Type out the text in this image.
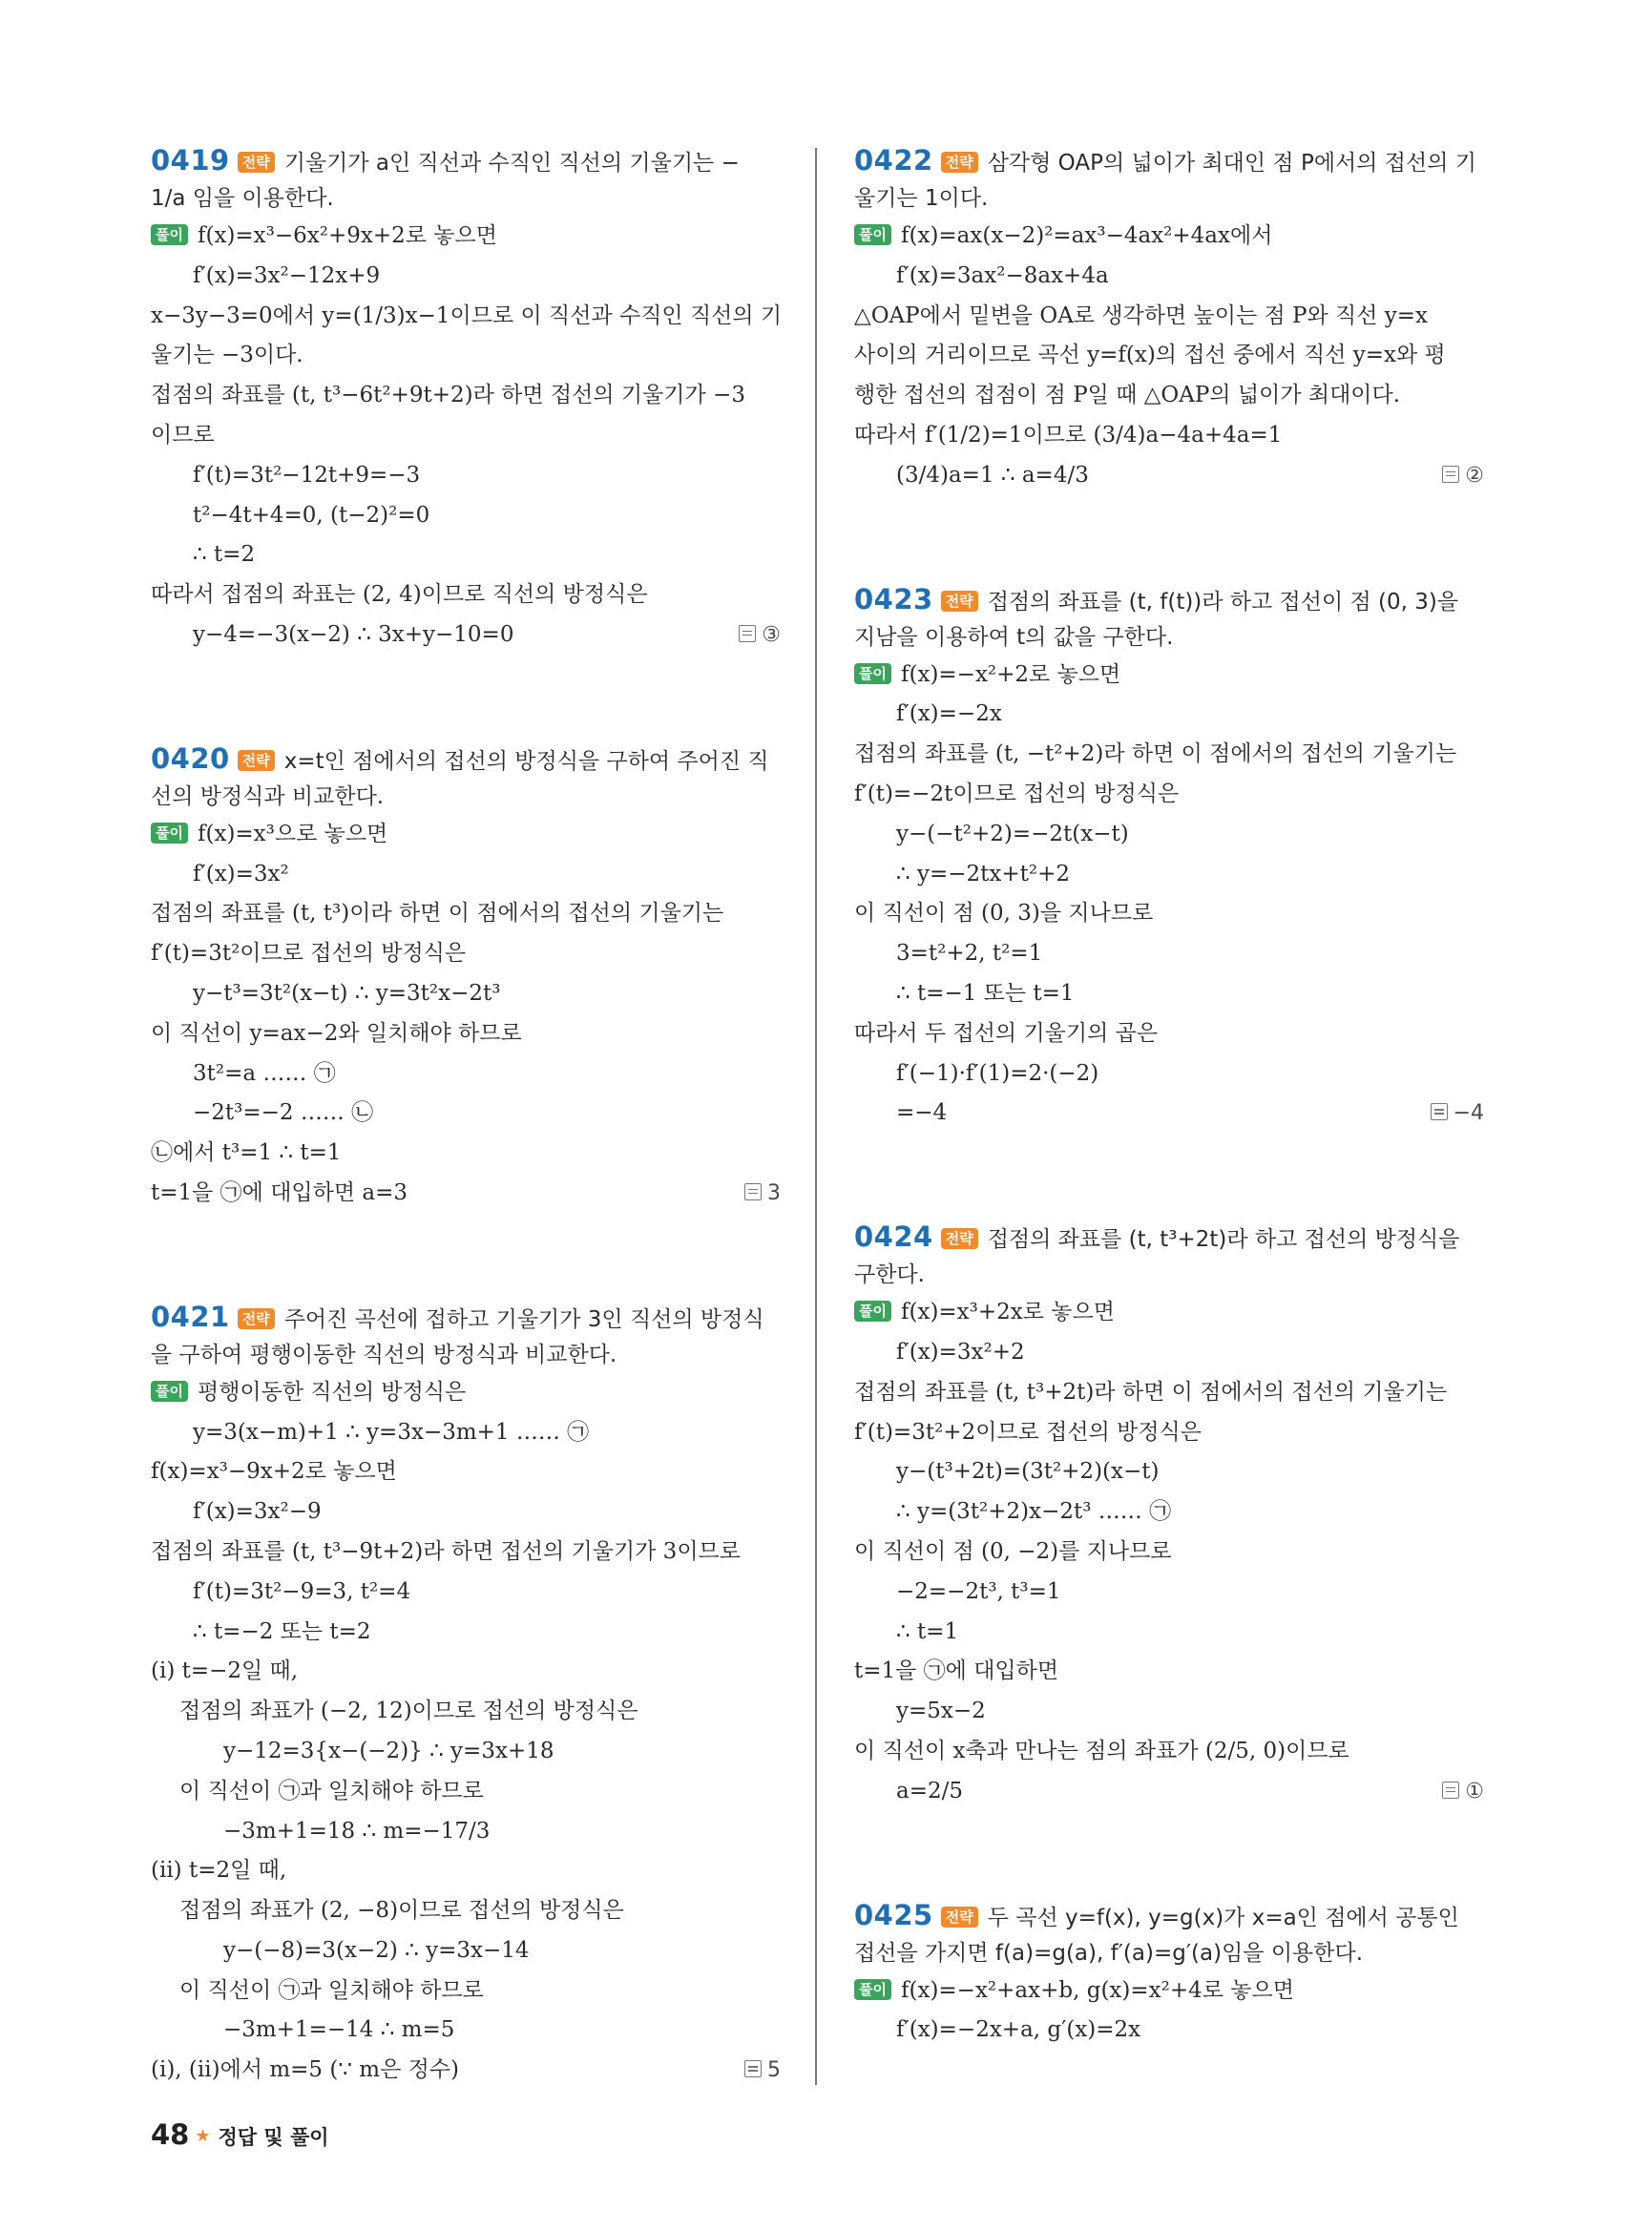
0419 전략 기울기가 a인 직선과 수직인 직선의 기울기는 − 1/a 임을 이용한다.
풀이 f(x)=x³−6x²+9x+2로 놓으면
f′(x)=3x²−12x+9
x−3y−3=0에서 y=(1/3)x−1이므로 이 직선과 수직인 직선의 기
울기는 −3이다.
접점의 좌표를 (t, t³−6t²+9t+2)라 하면 접선의 기울기가 −3
이므로
f′(t)=3t²−12t+9=−3
t²−4t+4=0, (t−2)²=0
∴ t=2
따라서 접점의 좌표는 (2, 4)이므로 직선의 방정식은
y−4=−3(x−2) ∴ 3x+y−10=0	③
0420 전략 x=t인 점에서의 접선의 방정식을 구하여 주어진 직선의 방정식과 비교한다.
풀이 f(x)=x³으로 놓으면
f′(x)=3x²
접점의 좌표를 (t, t³)이라 하면 이 점에서의 접선의 기울기는
f′(t)=3t²이므로 접선의 방정식은
y−t³=3t²(x−t) ∴ y=3t²x−2t³
이 직선이 y=ax−2와 일치해야 하므로
3t²=a …… ㉠
−2t³=−2 …… ㉡
㉡에서 t³=1 ∴ t=1
t=1을 ㉠에 대입하면 a=3	3
0421 전략 주어진 곡선에 접하고 기울기가 3인 직선의 방정식을 구하여 평행이동한 직선의 방정식과 비교한다.
풀이 평행이동한 직선의 방정식은
y=3(x−m)+1 ∴ y=3x−3m+1 …… ㉠
f(x)=x³−9x+2로 놓으면
f′(x)=3x²−9
접점의 좌표를 (t, t³−9t+2)라 하면 접선의 기울기가 3이므로
f′(t)=3t²−9=3, t²=4
∴ t=−2 또는 t=2
(i) t=−2일 때,
접점의 좌표가 (−2, 12)이므로 접선의 방정식은
y−12=3{x−(−2)} ∴ y=3x+18
이 직선이 ㉠과 일치해야 하므로
−3m+1=18 ∴ m=−17/3
(ii) t=2일 때,
접점의 좌표가 (2, −8)이므로 접선의 방정식은
y−(−8)=3(x−2) ∴ y=3x−14
이 직선이 ㉠과 일치해야 하므로
−3m+1=−14 ∴ m=5
(i), (ii)에서 m=5 (∵ m은 정수)	5
0422 전략 삼각형 OAP의 넓이가 최대인 점 P에서의 접선의 기울기는 1이다.
풀이 f(x)=ax(x−2)²=ax³−4ax²+4ax에서
f′(x)=3ax²−8ax+4a
△OAP에서 밑변을 OA로 생각하면 높이는 점 P와 직선 y=x
사이의 거리이므로 곡선 y=f(x)의 접선 중에서 직선 y=x와 평
행한 접선의 접점이 점 P일 때 △OAP의 넓이가 최대이다.
따라서 f′(1/2)=1이므로 (3/4)a−4a+4a=1
(3/4)a=1 ∴ a=4/3	②
0423 전략 접점의 좌표를 (t, f(t))라 하고 접선이 점 (0, 3)을 지남을 이용하여 t의 값을 구한다.
풀이 f(x)=−x²+2로 놓으면
f′(x)=−2x
접점의 좌표를 (t, −t²+2)라 하면 이 점에서의 접선의 기울기는
f′(t)=−2t이므로 접선의 방정식은
y−(−t²+2)=−2t(x−t)
∴ y=−2tx+t²+2
이 직선이 점 (0, 3)을 지나므로
3=t²+2, t²=1
∴ t=−1 또는 t=1
따라서 두 접선의 기울기의 곱은
f′(−1)·f′(1)=2·(−2)
=−4	−4
0424 전략 접점의 좌표를 (t, t³+2t)라 하고 접선의 방정식을 구한다.
풀이 f(x)=x³+2x로 놓으면
f′(x)=3x²+2
접점의 좌표를 (t, t³+2t)라 하면 이 점에서의 접선의 기울기는
f′(t)=3t²+2이므로 접선의 방정식은
y−(t³+2t)=(3t²+2)(x−t)
∴ y=(3t²+2)x−2t³ …… ㉠
이 직선이 점 (0, −2)를 지나므로
−2=−2t³, t³=1
∴ t=1
t=1을 ㉠에 대입하면
y=5x−2
이 직선이 x축과 만나는 점의 좌표가 (2/5, 0)이므로
a=2/5	①
0425 전략 두 곡선 y=f(x), y=g(x)가 x=a인 점에서 공통인 접선을 가지면 f(a)=g(a), f′(a)=g′(a)임을 이용한다.
풀이 f(x)=−x²+ax+b, g(x)=x²+4로 놓으면
f′(x)=−2x+a, g′(x)=2x
48 ★ 정답 및 풀이
